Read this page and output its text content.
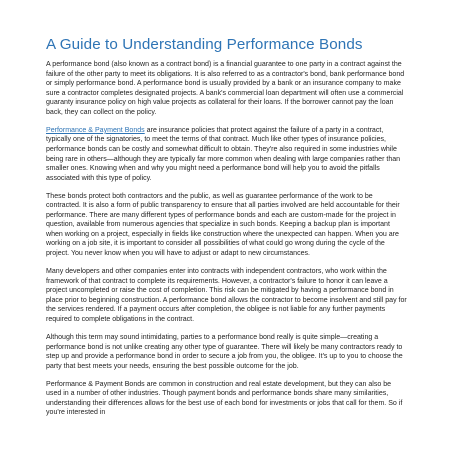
A Guide to Understanding Performance Bonds

A performance bond (also known as a contract bond) is a financial guarantee to one party in a contract against the failure of the other party to meet its obligations. It is also referred to as a contractor's bond, bank performance bond or simply performance bond. A performance bond is usually provided by a bank or an insurance company to make sure a contractor completes designated projects. A bank's commercial loan department will often use a commercial guaranty insurance policy on high value projects as collateral for their loans. If the borrower cannot pay the loan back, they can collect on the policy.

Performance & Payment Bonds are insurance policies that protect against the failure of a party in a contract, typically one of the signatories, to meet the terms of that contract. Much like other types of insurance policies, performance bonds can be costly and somewhat difficult to obtain. They're also required in some industries while being rare in others—although they are typically far more common when dealing with large companies rather than smaller ones. Knowing when and why you might need a performance bond will help you to avoid the pitfalls associated with this type of policy.

These bonds protect both contractors and the public, as well as guarantee performance of the work to be contracted. It is also a form of public transparency to ensure that all parties involved are held accountable for their performance. There are many different types of performance bonds and each are custom-made for the project in question, available from numerous agencies that specialize in such bonds. Keeping a backup plan is important when working on a project, especially in fields like construction where the unexpected can happen. When you are working on a job site, it is important to consider all possibilities of what could go wrong during the cycle of the project. You never know when you will have to adjust or adapt to new circumstances.

Many developers and other companies enter into contracts with independent contractors, who work within the framework of that contract to complete its requirements. However, a contractor's failure to honor it can leave a project uncompleted or raise the cost of completion. This risk can be mitigated by having a performance bond in place prior to beginning construction. A performance bond allows the contractor to become insolvent and still pay for the services rendered. If a payment occurs after completion, the obligee is not liable for any further payments required to complete obligations in the contract.

Although this term may sound intimidating, parties to a performance bond really is quite simple—creating a performance bond is not unlike creating any other type of guarantee. There will likely be many contractors ready to step up and provide a performance bond in order to secure a job from you, the obligee. It's up to you to choose the party that best meets your needs, ensuring the best possible outcome for the job.

Performance & Payment Bonds are common in construction and real estate development, but they can also be used in a number of other industries. Though payment bonds and performance bonds share many similarities, understanding their differences allows for the best use of each bond for investments or jobs that call for them. So if you're interested in
